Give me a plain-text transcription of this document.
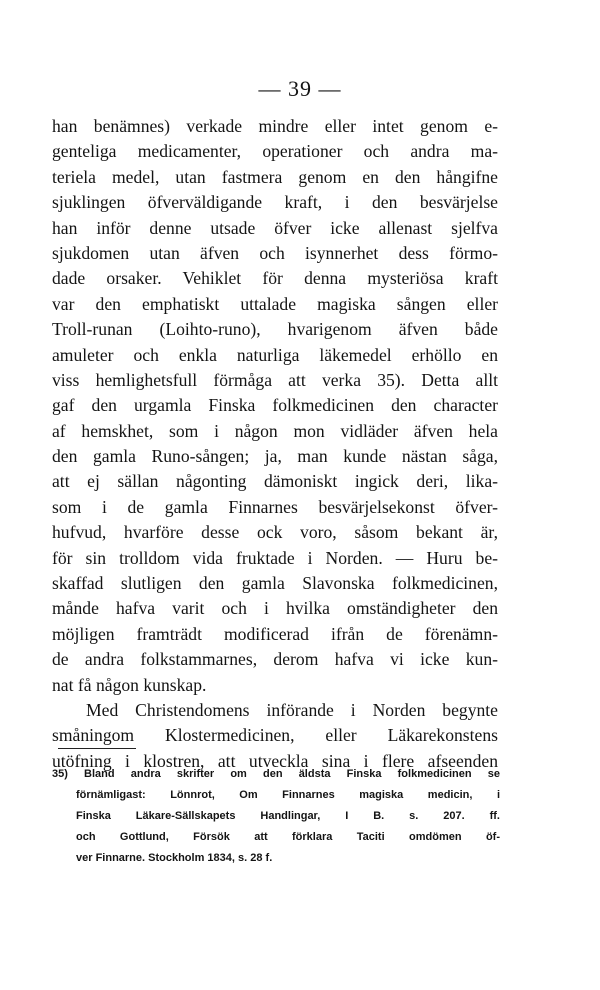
— 39 —
han benämnes) verkade mindre eller intet genom e-
genteliga medicamenter, operationer och andra ma-
teriela medel, utan fastmera genom en den hångifne
sjuklingen öfverväldigande kraft, i den besvärjelse
han inför denne utsade öfver icke allenast sjelfva
sjukdomen utan äfven och isynnerhet dess förmo-
dade orsaker. Vehiklet för denna mysteriösa kraft
var den emphatiskt uttalade magiska sången eller
Troll-runan (Loihto-runo), hvarigenom äfven både
amuleter och enkla naturliga läkemedel erhöllo en
viss hemlighetsfull förmåga att verka 35). Detta allt
gaf den urgamla Finska folkmedicinen den character
af hemskhet, som i någon mon vidläder äfven hela
den gamla Runo-sången; ja, man kunde nästan såga,
att ej sällan någonting dämoniskt ingick deri, lika-
som i de gamla Finnarnes besvärjelsekonst öfver-
hufvud, hvarföre desse ock voro, såsom bekant är,
för sin trolldom vida fruktade i Norden. — Huru be-
skaffad slutligen den gamla Slavonska folkmedicinen,
månde hafva varit och i hvilka omständigheter den
möjligen framträdt modificerad ifrån de förenämn-
de andra folkstammarnes, derom hafva vi icke kun-
nat få någon kunskap.
Med Christendomens införande i Norden begynte
småningom Klostermedicinen, eller Läkarekonstens
utöfning i klostren, att utveckla sina i flere afseenden
35) Bland andra skrifter om den äldsta Finska folkmedicinen se
förnämligast: Lönnrot, Om Finnarnes magiska medicin, i
Finska Läkare-Sällskapets Handlingar, I B. s. 207. ff.
och Gottlund, Försök att förklara Taciti omdömen öf-
ver Finnarne. Stockholm 1834, s. 28 f.
